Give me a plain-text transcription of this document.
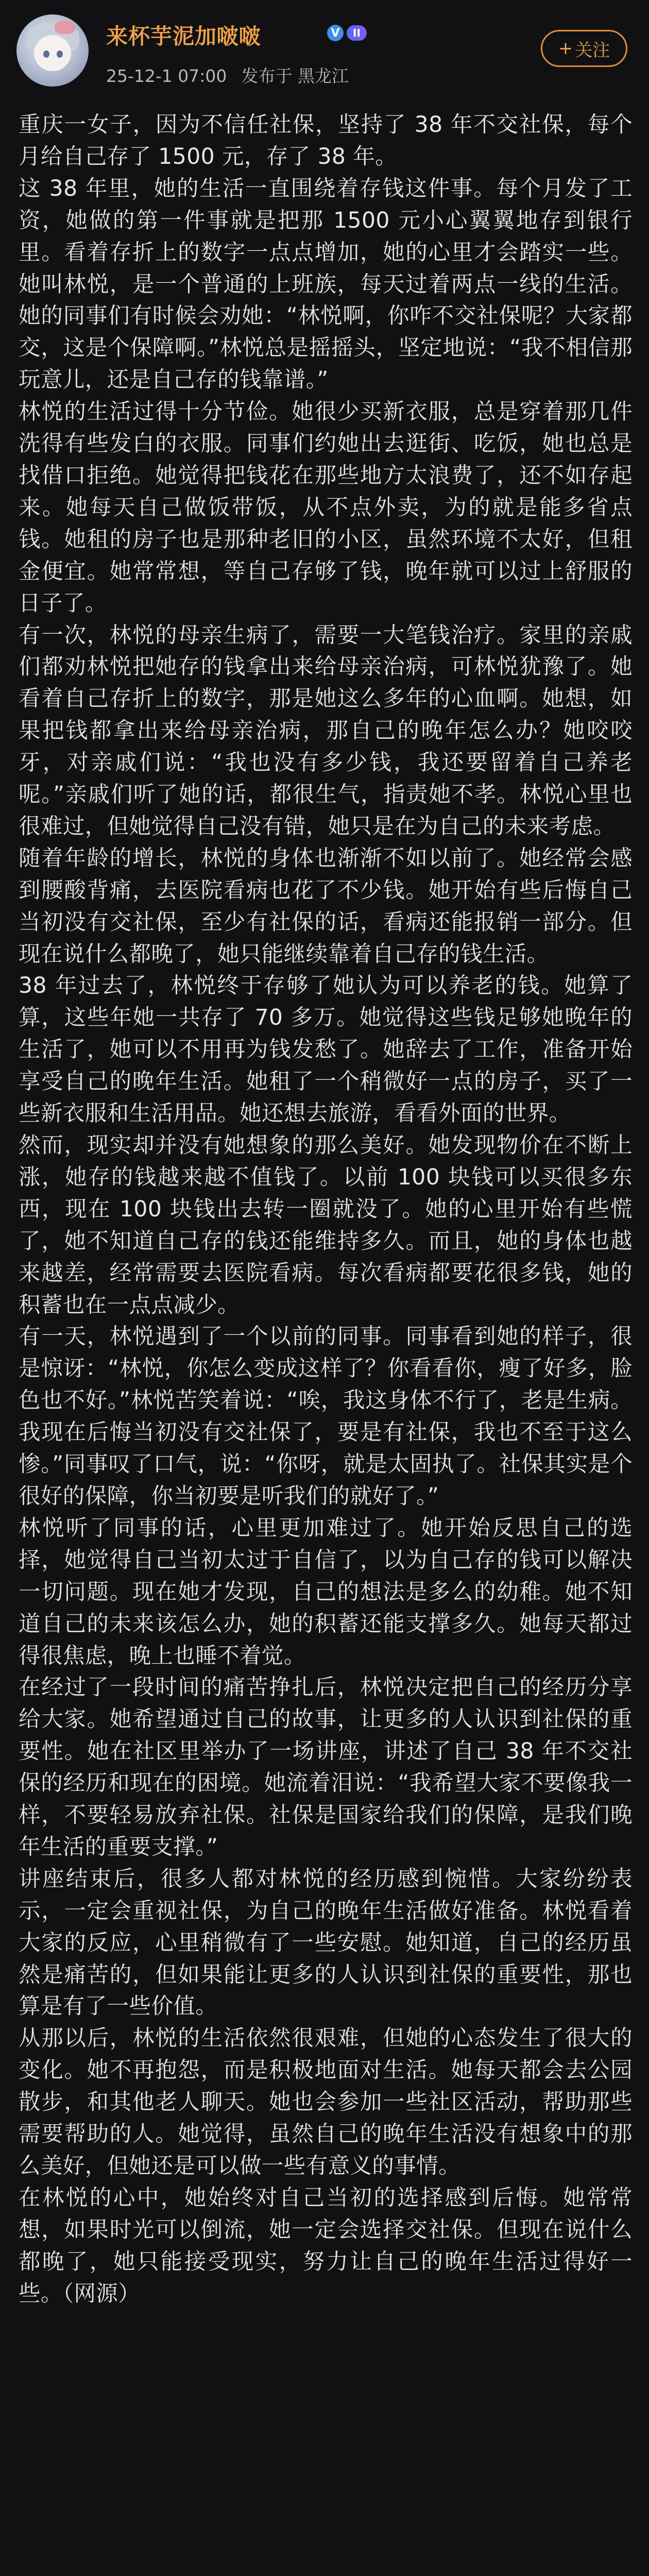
来杯芋泥加啵啵	V	II
25-12-1 07:00 发布于 黑龙江
+ 关注

重庆一女子，因为不信任社保，坚持了 38 年不交社保，每个月给自己存了 1500 元，存了 38 年。

这 38 年里，她的生活一直围绕着存钱这件事。每个月发了工资，她做的第一件事就是把那 1500 元小心翼翼地存到银行里。看着存折上的数字一点点增加，她的心里才会踏实一些。她叫林悦，是一个普通的上班族，每天过着两点一线的生活。她的同事们有时候会劝她：“林悦啊，你咋不交社保呢？大家都交，这是个保障啊。”林悦总是摇摇头，坚定地说：“我不相信那玩意儿，还是自己存的钱靠谱。”

林悦的生活过得十分节俭。她很少买新衣服，总是穿着那几件洗得有些发白的衣服。同事们约她出去逛街、吃饭，她也总是找借口拒绝。她觉得把钱花在那些地方太浪费了，还不如存起来。她每天自己做饭带饭，从不点外卖，为的就是能多省点钱。她租的房子也是那种老旧的小区，虽然环境不太好，但租金便宜。她常常想，等自己存够了钱，晚年就可以过上舒服的日子了。

有一次，林悦的母亲生病了，需要一大笔钱治疗。家里的亲戚们都劝林悦把她存的钱拿出来给母亲治病，可林悦犹豫了。她看着自己存折上的数字，那是她这么多年的心血啊。她想，如果把钱都拿出来给母亲治病，那自己的晚年怎么办？她咬咬牙，对亲戚们说：“我也没有多少钱，我还要留着自己养老呢。”亲戚们听了她的话，都很生气，指责她不孝。林悦心里也很难过，但她觉得自己没有错，她只是在为自己的未来考虑。

随着年龄的增长，林悦的身体也渐渐不如以前了。她经常会感到腰酸背痛，去医院看病也花了不少钱。她开始有些后悔自己当初没有交社保，至少有社保的话，看病还能报销一部分。但现在说什么都晚了，她只能继续靠着自己存的钱生活。

38 年过去了，林悦终于存够了她认为可以养老的钱。她算了算，这些年她一共存了 70 多万。她觉得这些钱足够她晚年的生活了，她可以不用再为钱发愁了。她辞去了工作，准备开始享受自己的晚年生活。她租了一个稍微好一点的房子，买了一些新衣服和生活用品。她还想去旅游，看看外面的世界。

然而，现实却并没有她想象的那么美好。她发现物价在不断上涨，她存的钱越来越不值钱了。以前 100 块钱可以买很多东西，现在 100 块钱出去转一圈就没了。她的心里开始有些慌了，她不知道自己存的钱还能维持多久。而且，她的身体也越来越差，经常需要去医院看病。每次看病都要花很多钱，她的积蓄也在一点点减少。

有一天，林悦遇到了一个以前的同事。同事看到她的样子，很是惊讶：“林悦，你怎么变成这样了？你看看你，瘦了好多，脸色也不好。”林悦苦笑着说：“唉，我这身体不行了，老是生病。我现在后悔当初没有交社保了，要是有社保，我也不至于这么惨。”同事叹了口气，说：“你呀，就是太固执了。社保其实是个很好的保障，你当初要是听我们的就好了。”

林悦听了同事的话，心里更加难过了。她开始反思自己的选择，她觉得自己当初太过于自信了，以为自己存的钱可以解决一切问题。现在她才发现，自己的想法是多么的幼稚。她不知道自己的未来该怎么办，她的积蓄还能支撑多久。她每天都过得很焦虑，晚上也睡不着觉。

在经过了一段时间的痛苦挣扎后，林悦决定把自己的经历分享给大家。她希望通过自己的故事，让更多的人认识到社保的重要性。她在社区里举办了一场讲座，讲述了自己 38 年不交社保的经历和现在的困境。她流着泪说：“我希望大家不要像我一样，不要轻易放弃社保。社保是国家给我们的保障，是我们晚年生活的重要支撑。”

讲座结束后，很多人都对林悦的经历感到惋惜。大家纷纷表示，一定会重视社保，为自己的晚年生活做好准备。林悦看着大家的反应，心里稍微有了一些安慰。她知道，自己的经历虽然是痛苦的，但如果能让更多的人认识到社保的重要性，那也算是有了一些价值。

从那以后，林悦的生活依然很艰难，但她的心态发生了很大的变化。她不再抱怨，而是积极地面对生活。她每天都会去公园散步，和其他老人聊天。她也会参加一些社区活动，帮助那些需要帮助的人。她觉得，虽然自己的晚年生活没有想象中的那么美好，但她还是可以做一些有意义的事情。

在林悦的心中，她始终对自己当初的选择感到后悔。她常常想，如果时光可以倒流，她一定会选择交社保。但现在说什么都晚了，她只能接受现实，努力让自己的晚年生活过得好一些。（网源）
